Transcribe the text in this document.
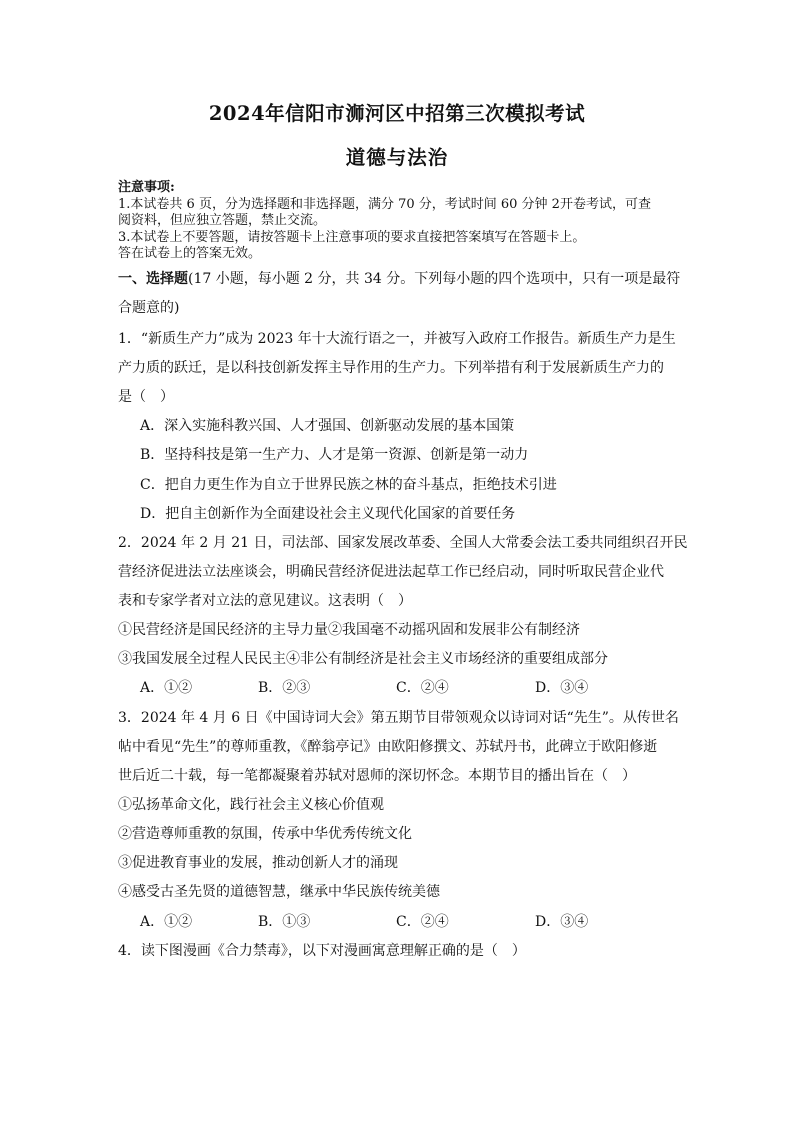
2024年信阳市浉河区中招第三次模拟考试
道德与法治
注意事项:
1.本试卷共 6 页，分为选择题和非选择题，满分 70 分，考试时间 60 分钟 2开卷考试，可查
阅资料，但应独立答题，禁止交流。
3.本试卷上不要答题，请按答题卡上注意事项的要求直接把答案填写在答题卡上。
答在试卷上的答案无效。
一、选择题(17 小题，每小题 2 分，共 34 分。下列每小题的四个选项中，只有一项是最符
合题意的)
1．“新质生产力”成为 2023 年十大流行语之一，并被写入政府工作报告。新质生产力是生
产力质的跃迁，是以科技创新发挥主导作用的生产力。下列举措有利于发展新质生产力的
是（　）
A．深入实施科教兴国、人才强国、创新驱动发展的基本国策
B．坚持科技是第一生产力、人才是第一资源、创新是第一动力
C．把自力更生作为自立于世界民族之林的奋斗基点，拒绝技术引进
D．把自主创新作为全面建设社会主义现代化国家的首要任务
2．2024 年 2 月 21 日，司法部、国家发展改革委、全国人大常委会法工委共同组织召开民
营经济促进法立法座谈会，明确民营经济促进法起草工作已经启动，同时听取民营企业代
表和专家学者对立法的意见建议。这表明（　）
①民营经济是国民经济的主导力量②我国毫不动摇巩固和发展非公有制经济
③我国发展全过程人民民主④非公有制经济是社会主义市场经济的重要组成部分
A．①②	B．②③	C．②④	D．③④
3．2024 年 4 月 6 日《中国诗词大会》第五期节目带领观众以诗词对话“先生”。从传世名
帖中看见“先生”的尊师重教，《醉翁亭记》由欧阳修撰文、苏轼丹书，此碑立于欧阳修逝
世后近二十载，每一笔都凝聚着苏轼对恩师的深切怀念。本期节目的播出旨在（　）
①弘扬革命文化，践行社会主义核心价值观
②营造尊师重教的氛围，传承中华优秀传统文化
③促进教育事业的发展，推动创新人才的涌现
④感受古圣先贤的道德智慧，继承中华民族传统美德
A．①②	B．①③	C．②④	D．③④
4．读下图漫画《合力禁毒》，以下对漫画寓意理解正确的是（　）
